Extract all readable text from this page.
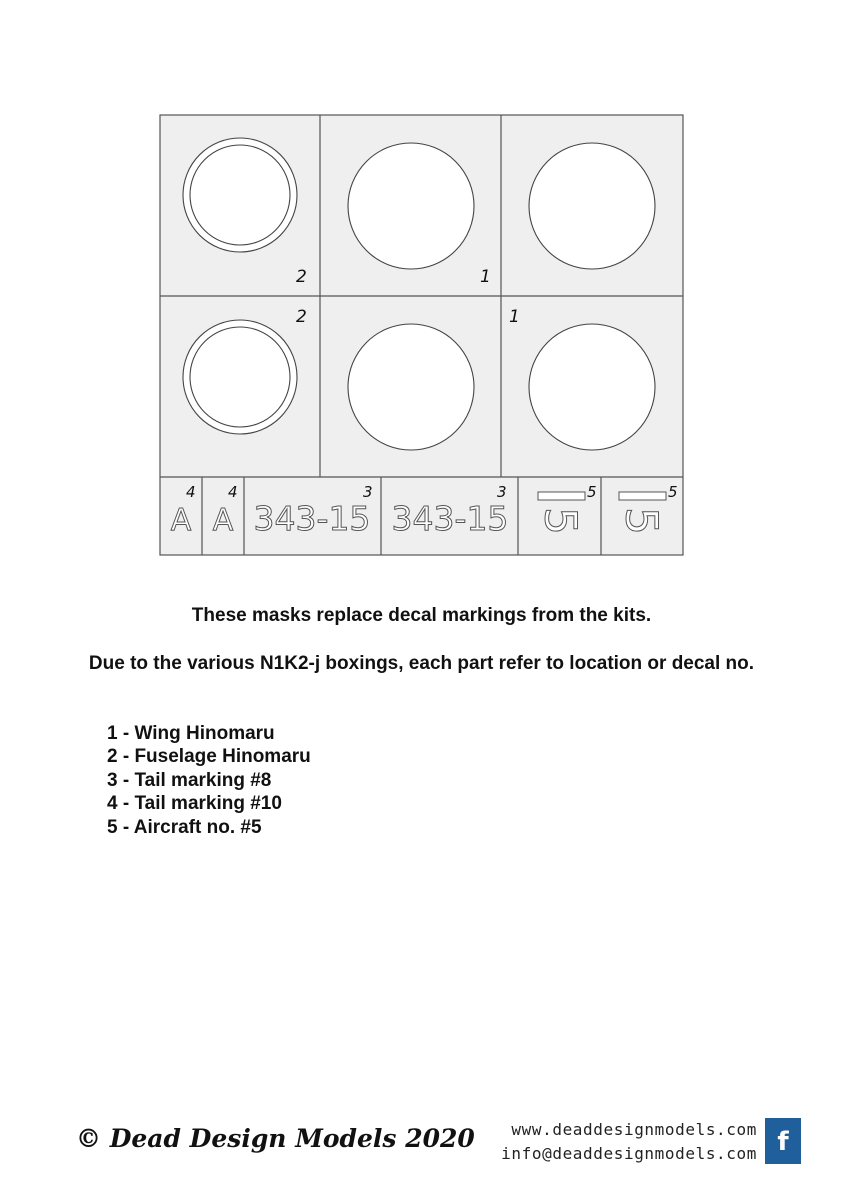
2	1
2	1
4 4	3	3	5	5
A A 343-15 343-15 5 5
These masks replace decal markings from the kits.
Due to the various N1K2-j boxings, each part refer to location or decal no.
1 - Wing Hinomaru
2 - Fuselage Hinomaru
3 - Tail marking #8
4 - Tail marking #10
5 - Aircraft no. #5
© Dead Design Models 2020	www.deaddesignmodels.com
info@deaddesignmodels.com f
